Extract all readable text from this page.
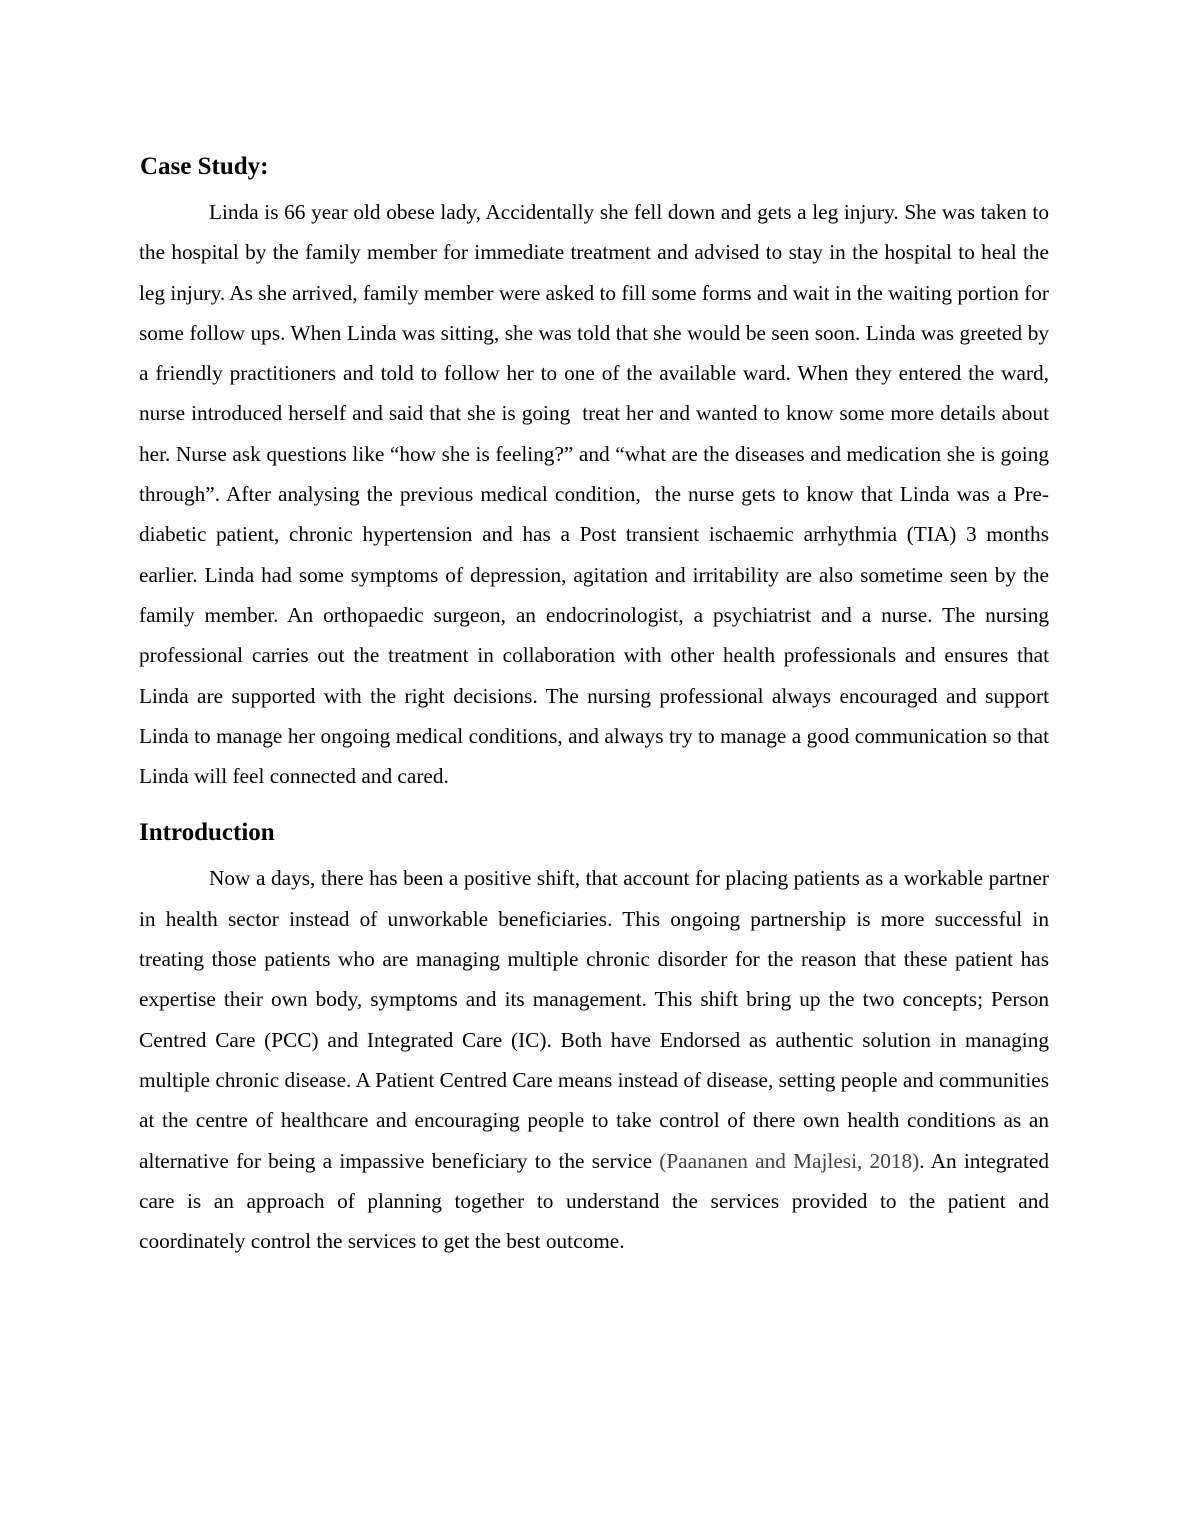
Case Study:

Linda is 66 year old obese lady, Accidentally she fell down and gets a leg injury. She was taken to the hospital by the family member for immediate treatment and advised to stay in the hospital to heal the leg injury. As she arrived, family member were asked to fill some forms and wait in the waiting portion for some follow ups. When Linda was sitting, she was told that she would be seen soon. Linda was greeted by a friendly practitioners and told to follow her to one of the available ward. When they entered the ward, nurse introduced herself and said that she is going  treat her and wanted to know some more details about her. Nurse ask questions like “how she is feeling?” and “what are the diseases and medication she is going through”. After analysing the previous medical condition,  the nurse gets to know that Linda was a Pre-diabetic patient, chronic hypertension and has a Post transient ischaemic arrhythmia (TIA) 3 months earlier. Linda had some symptoms of depression, agitation and irritability are also sometime seen by the family member. An orthopaedic surgeon, an endocrinologist, a psychiatrist and a nurse. The nursing professional carries out the treatment in collaboration with other health professionals and ensures that Linda are supported with the right decisions. The nursing professional always encouraged and support Linda to manage her ongoing medical conditions, and always try to manage a good communication so that Linda will feel connected and cared.

Introduction

Now a days, there has been a positive shift, that account for placing patients as a workable partner in health sector instead of unworkable beneficiaries. This ongoing partnership is more successful in treating those patients who are managing multiple chronic disorder for the reason that these patient has expertise their own body, symptoms and its management. This shift bring up the two concepts; Person Centred Care (PCC) and Integrated Care (IC). Both have Endorsed as authentic solution in managing multiple chronic disease. A Patient Centred Care means instead of disease, setting people and communities at the centre of healthcare and encouraging people to take control of there own health conditions as an alternative for being a impassive beneficiary to the service (Paananen and Majlesi, 2018). An integrated care is an approach of planning together to understand the services provided to the patient and coordinately control the services to get the best outcome.
